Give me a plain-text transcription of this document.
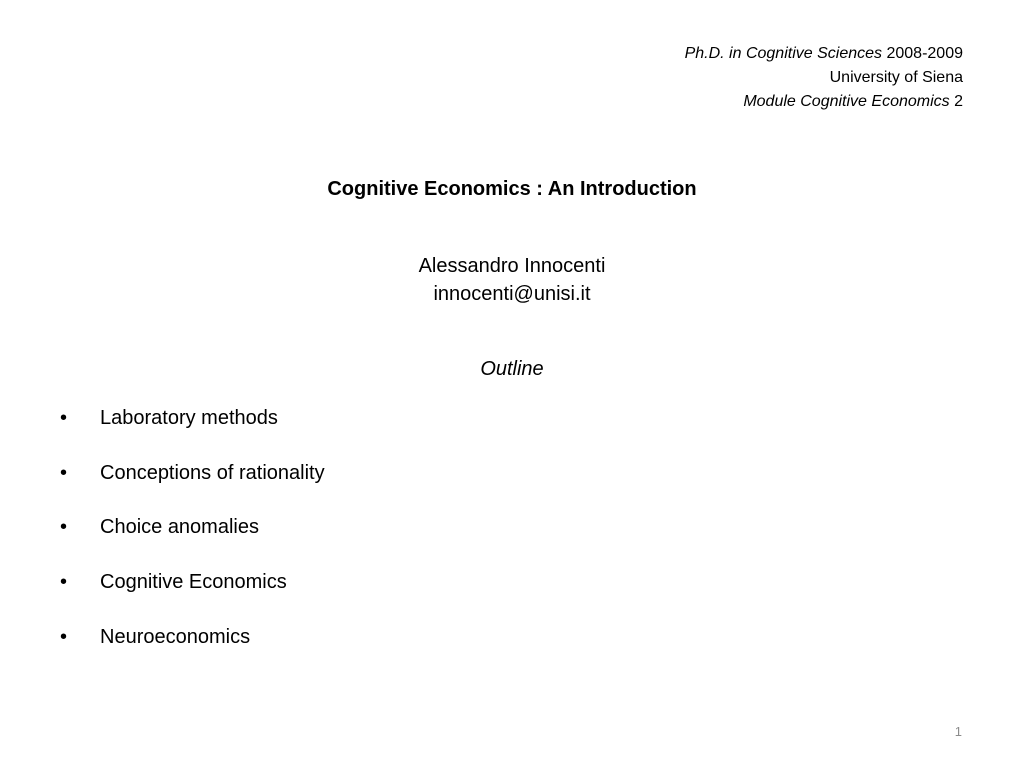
Ph.D. in Cognitive Sciences 2008-2009
University of Siena
Module Cognitive Economics 2
Cognitive Economics : An Introduction
Alessandro Innocenti
innocenti@unisi.it
Outline
•	Laboratory methods
•	Conceptions of rationality
•	Choice anomalies
•	Cognitive Economics
•	Neuroeconomics
1
